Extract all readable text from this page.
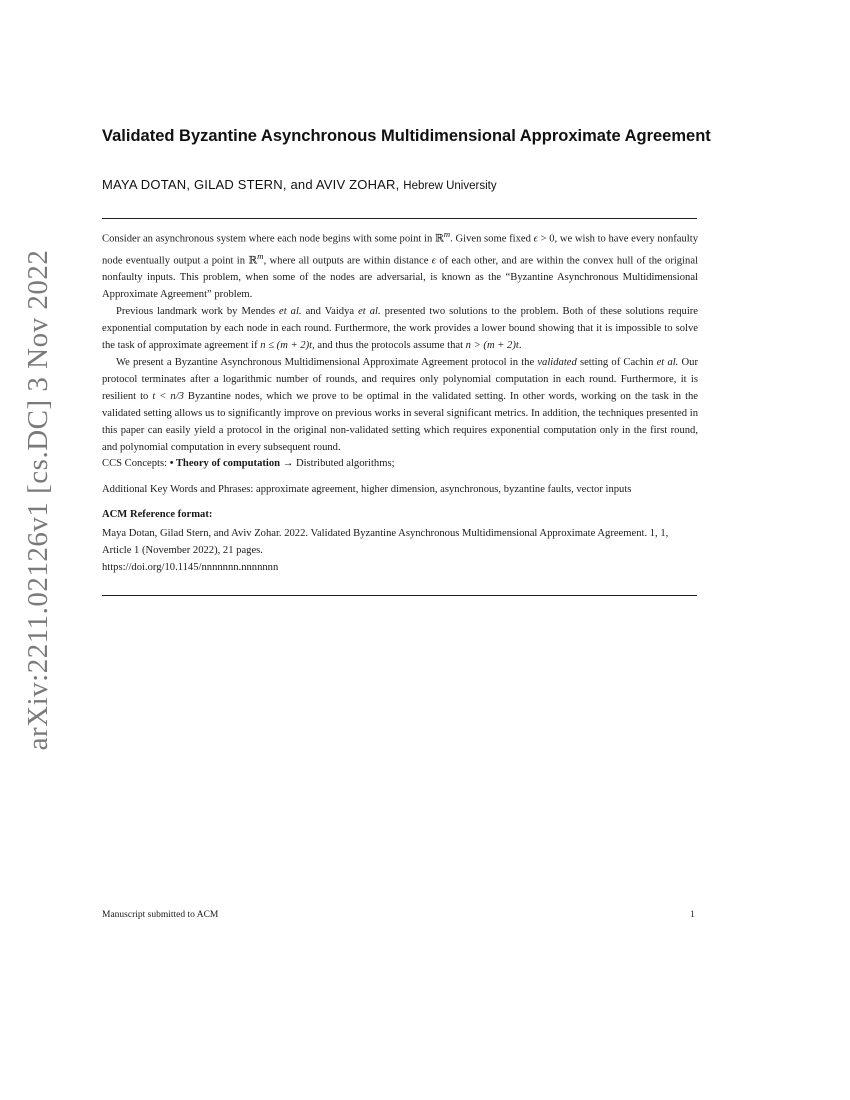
arXiv:2211.02126v1 [cs.DC] 3 Nov 2022
Validated Byzantine Asynchronous Multidimensional Approximate Agreement
MAYA DOTAN, GILAD STERN, and AVIV ZOHAR, Hebrew University

Consider an asynchronous system where each node begins with some point in ℝ$^m$. Given some fixed ϵ > 0, we wish to have every nonfaulty node eventually output a point in ℝ$^m$, where all outputs are within distance ϵ of each other, and are within the convex hull of the original nonfaulty inputs. This problem, when some of the nodes are adversarial, is known as the “Byzantine Asynchronous Multidimensional Approximate Agreement” problem.

Previous landmark work by Mendes et al. and Vaidya et al. presented two solutions to the problem. Both of these solutions require exponential computation by each node in each round. Furthermore, the work provides a lower bound showing that it is impossible to solve the task of approximate agreement if n ≤ (m + 2)t, and thus the protocols assume that n > (m + 2)t.

We present a Byzantine Asynchronous Multidimensional Approximate Agreement protocol in the validated setting of Cachin et al. Our protocol terminates after a logarithmic number of rounds, and requires only polynomial computation in each round. Furthermore, it is resilient to t < n/3 Byzantine nodes, which we prove to be optimal in the validated setting. In other words, working on the task in the validated setting allows us to significantly improve on previous works in several significant metrics. In addition, the techniques presented in this paper can easily yield a protocol in the original non-validated setting which requires exponential computation only in the first round, and polynomial computation in every subsequent round.

CCS Concepts: • Theory of computation → Distributed algorithms;
Additional Key Words and Phrases: approximate agreement, higher dimension, asynchronous, byzantine faults, vector inputs
ACM Reference format:
Maya Dotan, Gilad Stern, and Aviv Zohar. 2022. Validated Byzantine Asynchronous Multidimensional Approximate Agreement. 1, 1,
Article 1 (November 2022), 21 pages.
https://doi.org/10.1145/nnnnnnn.nnnnnnn
Manuscript submitted to ACM	1
